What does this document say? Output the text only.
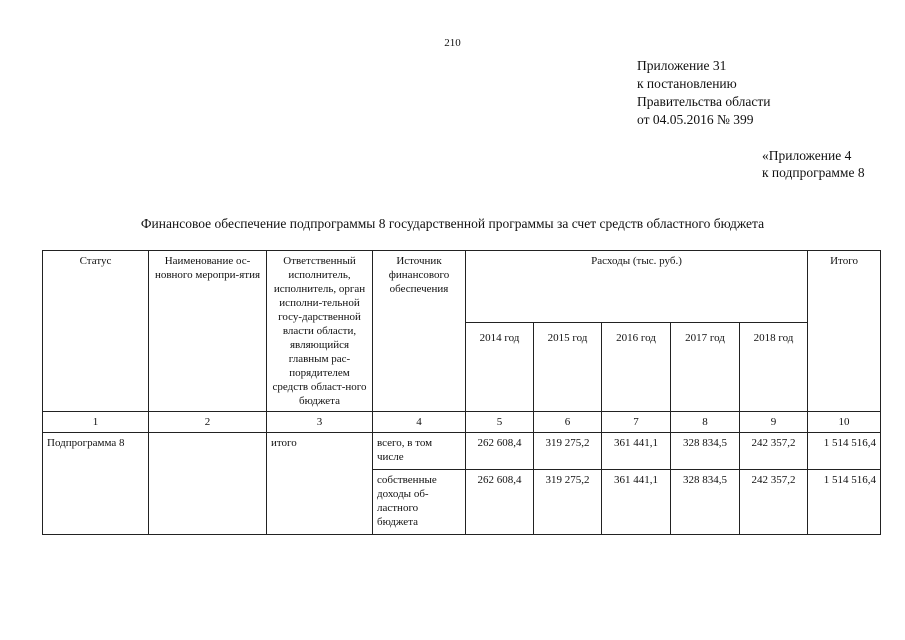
210
Приложение 31
к постановлению
Правительства области
от 04.05.2016 № 399
«Приложение 4
к подпрограмме 8
Финансовое обеспечение подпрограммы 8 государственной программы за счет средств областного бюджета
Статус	Наименование ос-новного меропри-ятия	Ответственный исполнитель, исполнитель, орган исполни-тельной госу-дарственной власти области, являющийся главным рас-порядителем средств област-ного бюджета	Источник финансового обеспечения	Расходы (тыс. руб.)					Итого
				2014 год	2015 год	2016 год	2017 год	2018 год	
1	2	3	4	5	6	7	8	9	10
Подпрограмма 8		итого	всего, в том числе	262 608,4	319 275,2	361 441,1	328 834,5	242 357,2	1 514 516,4
			собственные доходы об-ластного бюджета	262 608,4	319 275,2	361 441,1	328 834,5	242 357,2	1 514 516,4
